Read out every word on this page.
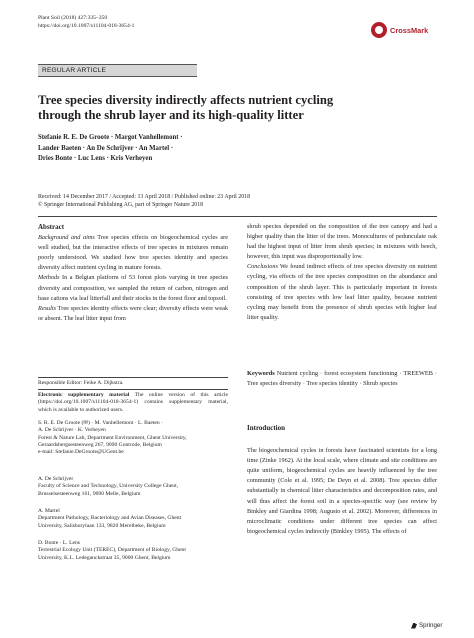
Plant Soil (2018) 427:335–350
https://doi.org/10.1007/s11104-018-3654-1	CrossMark
REGULAR ARTICLE
Tree species diversity indirectly affects nutrient cycling
through the shrub layer and its high-quality litter
Stefanie R. E. De Groote · Margot Vanhellemont ·
Lander Baeten · An De Schrijver · An Martel ·
Dries Bonte · Luc Lens · Kris Verheyen
Received: 14 December 2017 / Accepted: 13 April 2018 / Published online: 23 April 2018
© Springer International Publishing AG, part of Springer Nature 2018

Abstract

Background and aims Tree species effects on biogeochemical cycles are well studied, but the interactive effects of tree species in mixtures remain poorly understood. We studied how tree species identity and species diversity affect nutrient cycling in mature forests.

Methods In a Belgian platform of 53 forest plots varying in tree species diversity and composition, we sampled the return of carbon, nitrogen and base cations via leaf litterfall and their stocks in the forest floor and topsoil.

Results Tree species identity effects were clear; diversity effects were weak or absent. The leaf litter input from

shrub species depended on the composition of the tree canopy and had a higher quality than the litter of the trees. Monocultures of pedunculate oak had the highest input of litter from shrub species; in mixtures with beech, however, this input was disproportionally low.

Conclusions We found indirect effects of tree species diversity on nutrient cycling, via effects of the tree species composition on the abundance and composition of the shrub layer. This is particularly important in forests consisting of tree species with low leaf litter quality, because nutrient cycling may benefit from the presence of shrub species with higher leaf litter quality.

Keywords Nutrient cycling · forest ecosystem functioning · TREEWEB · Tree species diversity · Tree species identity · Shrub species

Responsible Editor: Feike A. Dijkstra.
Electronic supplementary material The online version of this article (https://doi.org/10.1007/s11104-018-3654-1) contains supplementary material, which is available to authorized users.
S. R. E. De Groote (✉) · M. Vanhellemont · L. Baeten ·
A. De Schrijver · K. Verheyen
Forest & Nature Lab, Department Environment, Ghent University,
Geraardsbergsesteenweg 267, 9090 Gontrode, Belgium
e-mail: Stefanie.DeGroote@UGent.be
A. De Schrijver
Faculty of Science and Technology, University College Ghent,
Brusselsesteenweg 161, 9090 Melle, Belgium
A. Martel
Department Pathology, Bacteriology and Avian Diseases, Ghent
University, Salisburylaan 133, 9820 Merelbeke, Belgium
D. Bonte · L. Lens
Terrestrial Ecology Unit (TEREC), Department of Biology, Ghent
University, K.L. Ledeganckstraat 35, 9000 Ghent, Belgium

Introduction

The biogeochemical cycles in forests have fascinated scientists for a long time (Zinke 1962). At the local scale, where climate and site conditions are quite uniform, biogeochemical cycles are heavily influenced by the tree community (Cole et al. 1995; De Deyn et al. 2008). Tree species differ substantially in chemical litter characteristics and decomposition rates, and will thus affect the forest soil in a species-specific way (see review by Binkley and Giardina 1998; Augusto et al. 2002). Moreover, differences in microclimatic conditions under different tree species can affect biogeochemical cycles indirectly (Binkley 1995). The effects of

Springer
